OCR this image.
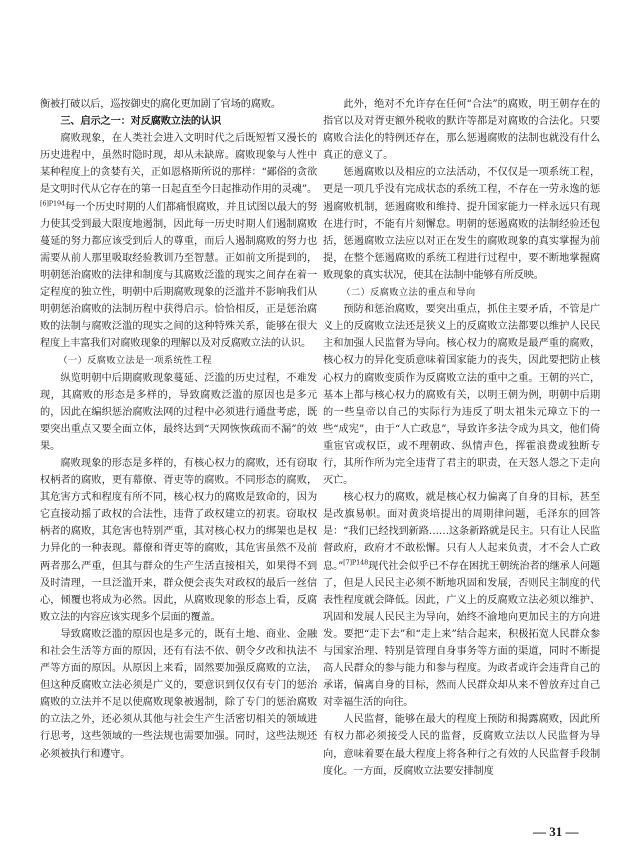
衡被打破以后，巡按御史的腐化更加剧了官场的腐败。

三、启示之一：对反腐败立法的认识

腐败现象，在人类社会进入文明时代之后既短暂又漫长的历史进程中，虽然时隐时现，却从未缺席。腐败现象与人性中某种程度上的贪婪有关，正如恩格斯所说的那样：“鄙俗的贪欲是文明时代从它存在的第一日起直至今日起推动作用的灵魂”。$^{[6]P194}$每一个历史时期的人们都痛恨腐败，并且试图以最大的努力使其受到最大限度地遏制，因此每一历史时期人们遏制腐败蔓延的努力都应该受到后人的尊重，而后人遏制腐败的努力也需要从前人那里吸取经验教训乃至智慧。正如前文所提到的，明朝惩治腐败的法律和制度与其腐败泛滥的现实之间存在着一定程度的独立性，明朝中后期腐败现象的泛滥并不影响我们从明朝惩治腐败的法制历程中获得启示。恰恰相反，正是惩治腐败的法制与腐败泛滥的现实之间的这种特殊关系，能够在很大程度上丰富我们对腐败现象的理解以及对反腐败立法的认识。

（一）反腐败立法是一项系统性工程

纵览明朝中后期腐败现象蔓延、泛滥的历史过程，不难发现，其腐败的形态是多样的，导致腐败泛滥的原因也是多元的，因此在编织惩治腐败法网的过程中必须进行通盘考虑，既要突出重点又要全面立体，最终达到“天网恢恢疏而不漏”的效果。

腐败现象的形态是多样的，有核心权力的腐败，还有窃取权柄者的腐败，更有幕僚、胥吏等的腐败。不同形态的腐败，其危害方式和程度有所不同，核心权力的腐败是致命的，因为它直接动摇了政权的合法性，违背了政权建立的初衷。窃取权柄者的腐败，其危害也特别严重，其对核心权力的绑架也是权力异化的一种表现。幕僚和胥吏等的腐败，其危害虽然不及前两者那么严重，但其与群众的生产生活直接相关，如果得不到及时清理，一旦泛滥开来，群众便会丧失对政权的最后一丝信心，倾覆也将成为必然。因此，从腐败现象的形态上看，反腐败立法的内容应该实现多个层面的覆盖。

导致腐败泛滥的原因也是多元的，既有土地、商业、金融和社会生活等方面的原因，还有有法不依、朝令夕改和执法不严等方面的原因。从原因上来看，固然要加强反腐败的立法，但这种反腐败立法必须是广义的，要意识到仅仅有专门的惩治腐败的立法并不足以使腐败现象被遏制，除了专门的惩治腐败的立法之外，还必须从其他与社会生产生活密切相关的领域进行思考，这些领域的一些法规也需要加强。同时，这些法规还必须被执行和遵守。

此外，绝对不允许存在任何“合法”的腐败，明王朝存在的指官以及对胥吏额外税收的默许等都是对腐败的合法化。只要腐败合法化的特例还存在，那么惩遏腐败的法制也就没有什么真正的意义了。

惩遏腐败以及相应的立法活动，不仅仅是一项系统工程，更是一项几乎没有完成状态的系统工程，不存在一劳永逸的惩遏腐败机制，惩遏腐败和维持、提升国家能力一样永远只有现在进行时，不能有片刻懈怠。明朝的惩遏腐败的法制经验还包括，惩遏腐败立法应以对正在发生的腐败现象的真实掌握为前提，在整个惩遏腐败的系统工程进行过程中，要不断地掌握腐败现象的真实状况，使其在法制中能够有所反映。

（二）反腐败立法的重点和导向

预防和惩治腐败，要突出重点，抓住主要矛盾，不管是广义上的反腐败立法还是狭义上的反腐败立法都要以维护人民民主和加强人民监督为导向。核心权力的腐败是最严重的腐败，核心权力的异化变质意味着国家能力的丧失，因此要把防止核心权力的腐败变质作为反腐败立法的重中之重。王朝的兴亡，基本上都与核心权力的腐败有关，以明王朝为例，明朝中后期的一些皇帝以自己的实际行为违反了明太祖朱元璋立下的一些“成宪”，由于“人亡政息”，导致许多法令成为具文，他们倚重宦官或权臣，或不理朝政、纵情声色，挥霍浪费或独断专行，其所作所为完全违背了君主的职责，在天怒人怨之下走向灭亡。

核心权力的腐败，就是核心权力偏离了自身的目标，甚至是改旗易帜。面对黄炎培提出的周期律问题，毛泽东的回答是：“我们已经找到新路……这条新路就是民主。只有让人民监督政府，政府才不敢松懈。只有人人起来负责，才不会人亡政息。”$^{[7]P148}$现代社会似乎已不存在困扰王朝统治者的继承人问题了，但是人民民主必须不断地巩固和发展，否则民主制度的代表性程度就会降低。因此，广义上的反腐败立法必须以维护、巩固和发展人民民主为导向，始终不渝地向更加民主的方向进发。要把“走下去”和“走上来”结合起来，积极拓宽人民群众参与国家治理、特别是管理自身事务等方面的渠道，同时不断提高人民群众的参与能力和参与程度。为政者或许会违背自己的承诺，偏离自身的目标，然而人民群众却从来不曾放弃过自己对幸福生活的向往。

人民监督，能够在最大的程度上预防和揭露腐败，因此所有权力都必须接受人民的监督，反腐败立法以人民监督为导向，意味着要在最大程度上将各种行之有效的人民监督手段制度化。一方面，反腐败立法要安排制度

— 31 —
